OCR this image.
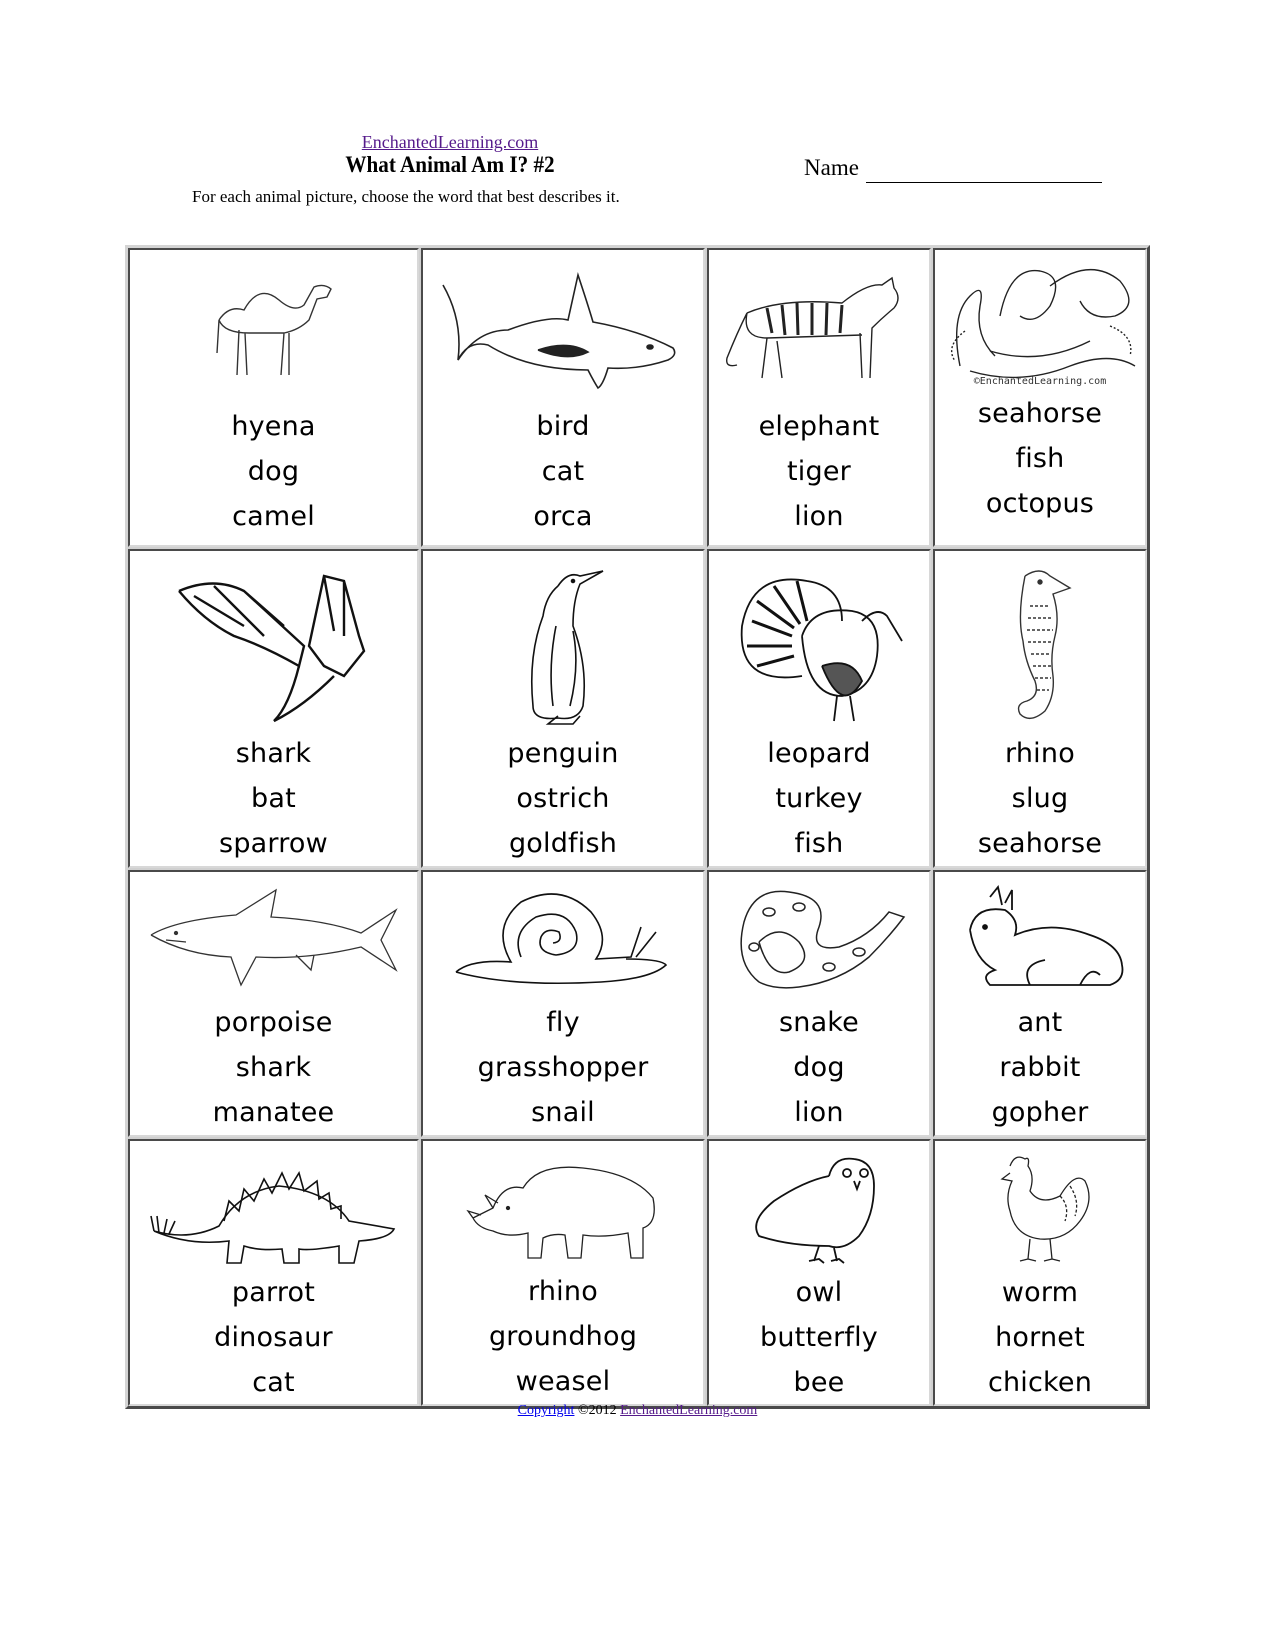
EnchantedLearning.com
What Animal Am I? #2	Name
For each animal picture, choose the word that best describes it.
hyena
dog
camel
bird
cat
orca
elephant
tiger
lion
©EnchantedLearning.com
seahorse
fish
octopus
shark
bat
sparrow
penguin
ostrich
goldfish
leopard
turkey
fish
rhino
slug
seahorse
porpoise
shark
manatee
fly
grasshopper
snail
snake
dog
lion
ant
rabbit
gopher
parrot
dinosaur
cat
rhino
groundhog
weasel
owl
butterfly
bee
worm
hornet
chicken
Copyright ©2012 EnchantedLearning.com
